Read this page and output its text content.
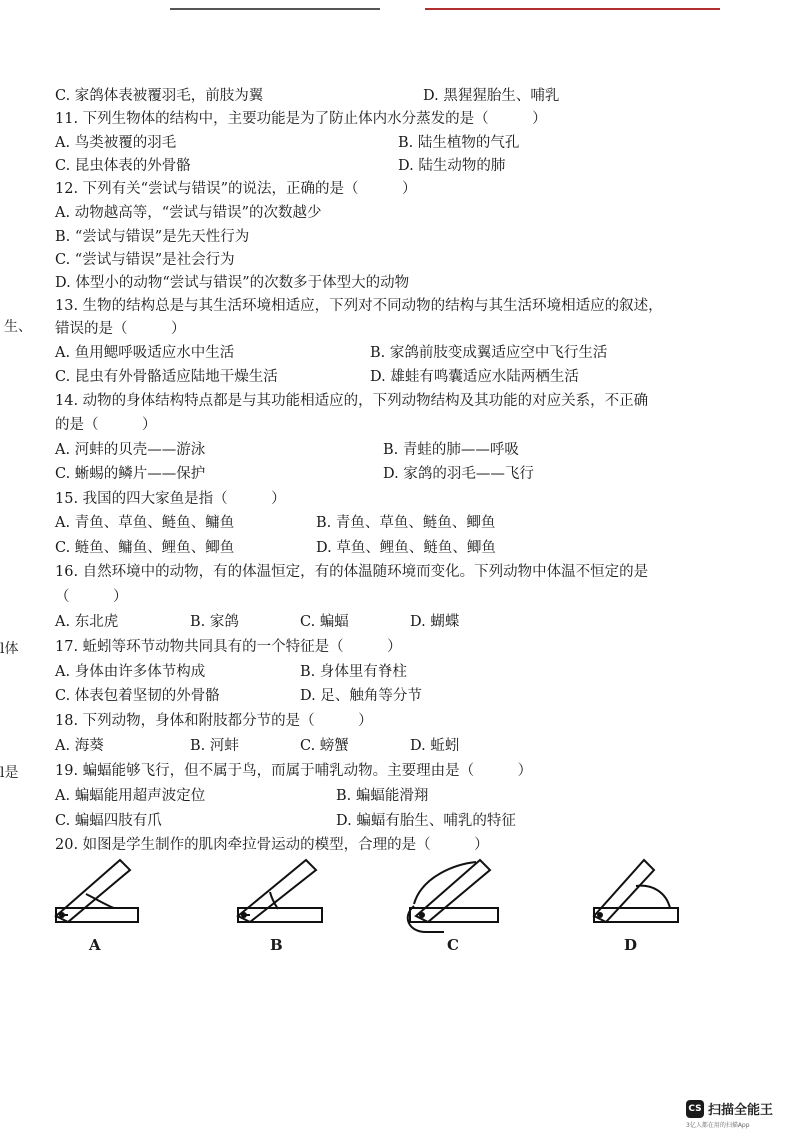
生、
l体
l是
C. 家鸽体表被覆羽毛，前肢为翼	D. 黑猩猩胎生、哺乳
11. 下列生物体的结构中，主要功能是为了防止体内水分蒸发的是（　　　）
A. 鸟类被覆的羽毛	B. 陆生植物的气孔
C. 昆虫体表的外骨骼	D. 陆生动物的肺
12. 下列有关“尝试与错误”的说法，正确的是（　　　）
A. 动物越高等，“尝试与错误”的次数越少
B. “尝试与错误”是先天性行为
C. “尝试与错误”是社会行为
D. 体型小的动物“尝试与错误”的次数多于体型大的动物
13. 生物的结构总是与其生活环境相适应，下列对不同动物的结构与其生活环境相适应的叙述，
错误的是（　　　）
A. 鱼用鳃呼吸适应水中生活	B. 家鸽前肢变成翼适应空中飞行生活
C. 昆虫有外骨骼适应陆地干燥生活	D. 雄蛙有鸣囊适应水陆两栖生活
14. 动物的身体结构特点都是与其功能相适应的，下列动物结构及其功能的对应关系，不正确
的是（　　　）
A. 河蚌的贝壳——游泳	B. 青蛙的肺——呼吸
C. 蜥蜴的鳞片——保护	D. 家鸽的羽毛——飞行
15. 我国的四大家鱼是指（　　　）
A. 青鱼、草鱼、鲢鱼、鳙鱼	B. 青鱼、草鱼、鲢鱼、鲫鱼
C. 鲢鱼、鳙鱼、鲤鱼、鲫鱼	D. 草鱼、鲤鱼、鲢鱼、鲫鱼
16. 自然环境中的动物，有的体温恒定，有的体温随环境而变化。下列动物中体温不恒定的是
（　　　）
A. 东北虎	B. 家鸽	C. 蝙蝠	D. 蝴蝶
17. 蚯蚓等环节动物共同具有的一个特征是（　　　）
A. 身体由许多体节构成	B. 身体里有脊柱
C. 体表包着坚韧的外骨骼	D. 足、触角等分节
18. 下列动物，身体和附肢都分节的是（　　　）
A. 海葵	B. 河蚌	C. 螃蟹	D. 蚯蚓
19. 蝙蝠能够飞行，但不属于鸟，而属于哺乳动物。主要理由是（　　　）
A. 蝙蝠能用超声波定位	B. 蝙蝠能滑翔
C. 蝙蝠四肢有爪	D. 蝙蝠有胎生、哺乳的特征
20. 如图是学生制作的肌肉牵拉骨运动的模型，合理的是（　　　）
A	B	C	D
CS 扫描全能王
3亿人都在用的扫描App
